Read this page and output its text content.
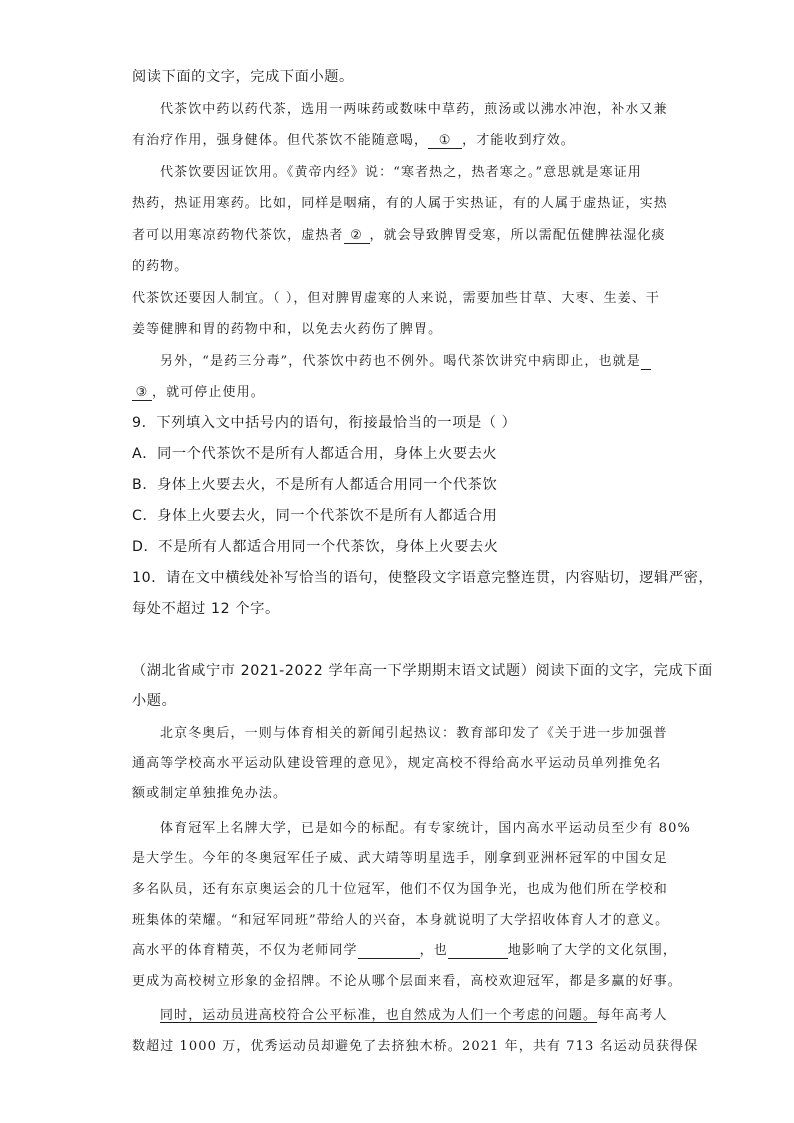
阅读下面的文字，完成下面小题。
代茶饮中药以药代茶，选用一两味药或数味中草药，煎汤或以沸水冲泡，补水又兼
有治疗作用，强身健体。但代茶饮不能随意喝， ① ，才能收到疗效。
代茶饮要因证饮用。《黄帝内经》说：“寒者热之，热者寒之。”意思就是寒证用
热药，热证用寒药。比如，同样是咽痛，有的人属于实热证，有的人属于虚热证，实热
者可以用寒凉药物代茶饮，虚热者 ② ，就会导致脾胃受寒，所以需配伍健脾祛湿化痰
的药物。
代茶饮还要因人制宜。（ ），但对脾胃虚寒的人来说，需要加些甘草、大枣、生姜、干
姜等健脾和胃的药物中和，以免去火药伤了脾胃。
另外，“是药三分毒”，代茶饮中药也不例外。喝代茶饮讲究中病即止，也就是
③ ，就可停止使用。
9．下列填入文中括号内的语句，衔接最恰当的一项是（ ）
A．同一个代茶饮不是所有人都适合用，身体上火要去火
B．身体上火要去火，不是所有人都适合用同一个代茶饮
C．身体上火要去火，同一个代茶饮不是所有人都适合用
D．不是所有人都适合用同一个代茶饮，身体上火要去火
10．请在文中横线处补写恰当的语句，使整段文字语意完整连贯，内容贴切，逻辑严密，
每处不超过 12 个字。
（湖北省咸宁市 2021-2022 学年高一下学期期末语文试题）阅读下面的文字，完成下面
小题。
北京冬奥后，一则与体育相关的新闻引起热议：教育部印发了《关于进一步加强普
通高等学校高水平运动队建设管理的意见》，规定高校不得给高水平运动员单列推免名
额或制定单独推免办法。
体育冠军上名牌大学，已是如今的标配。有专家统计，国内高水平运动员至少有 80%
是大学生。今年的冬奥冠军任子威、武大靖等明星选手，刚拿到亚洲杯冠军的中国女足
多名队员，还有东京奥运会的几十位冠军，他们不仅为国争光，也成为他们所在学校和
班集体的荣耀。“和冠军同班”带给人的兴奋，本身就说明了大学招收体育人才的意义。
高水平的体育精英，不仅为老师同学	，也	地影响了大学的文化氛围，
更成为高校树立形象的金招牌。不论从哪个层面来看，高校欢迎冠军，都是多赢的好事。
同时，运动员进高校符合公平标准，也自然成为人们一个考虑的问题。每年高考人
数超过 1000 万，优秀运动员却避免了去挤独木桥。2021 年，共有 713 名运动员获得保
